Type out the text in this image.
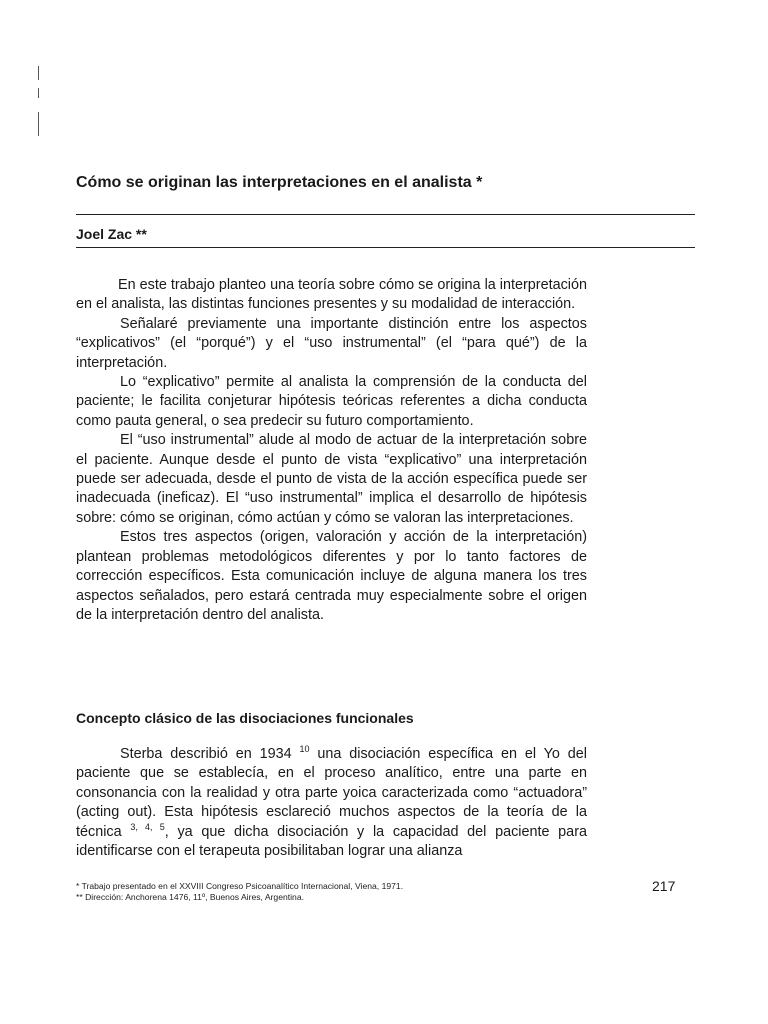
Cómo se originan las interpretaciones en el analista *

Joel Zac **

En este trabajo planteo una teoría sobre cómo se origina la interpretación en el analista, las distintas funciones presentes y su modalidad de interacción.

Señalaré previamente una importante distinción entre los aspectos “explicativos” (el “porqué”) y el “uso instrumental” (el “para qué”) de la interpretación.

Lo “explicativo” permite al analista la comprensión de la conducta del paciente; le facilita conjeturar hipótesis teóricas referentes a dicha conducta como pauta general, o sea predecir su futuro comportamiento.

El “uso instrumental” alude al modo de actuar de la interpretación sobre el paciente. Aunque desde el punto de vista “explicativo” una interpretación puede ser adecuada, desde el punto de vista de la acción específica puede ser inadecuada (ineficaz). El “uso instrumental” implica el desarrollo de hipótesis sobre: cómo se originan, cómo actúan y cómo se valoran las interpretaciones.

Estos tres aspectos (origen, valoración y acción de la interpretación) plantean problemas metodológicos diferentes y por lo tanto factores de corrección específicos. Esta comunicación incluye de alguna manera los tres aspectos señalados, pero estará centrada muy especialmente sobre el origen de la interpretación dentro del analista.

Concepto clásico de las disociaciones funcionales

Sterba describió en 1934 $^{10}$ una disociación específica en el Yo del paciente que se establecía, en el proceso analítico, entre una parte en consonancia con la realidad y otra parte yoica caracterizada como “actuadora” (acting out). Esta hipótesis esclareció muchos aspectos de la teoría de la técnica $^{3, 4, 5}$, ya que dicha disociación y la capacidad del paciente para identificarse con el terapeuta posibilitaban lograr una alianza

* Trabajo presentado en el XXVIII Congreso Psicoanalítico Internacional, Viena, 1971.
** Dirección: Anchorena 1476, 11º, Buenos Aires, Argentina.
217
